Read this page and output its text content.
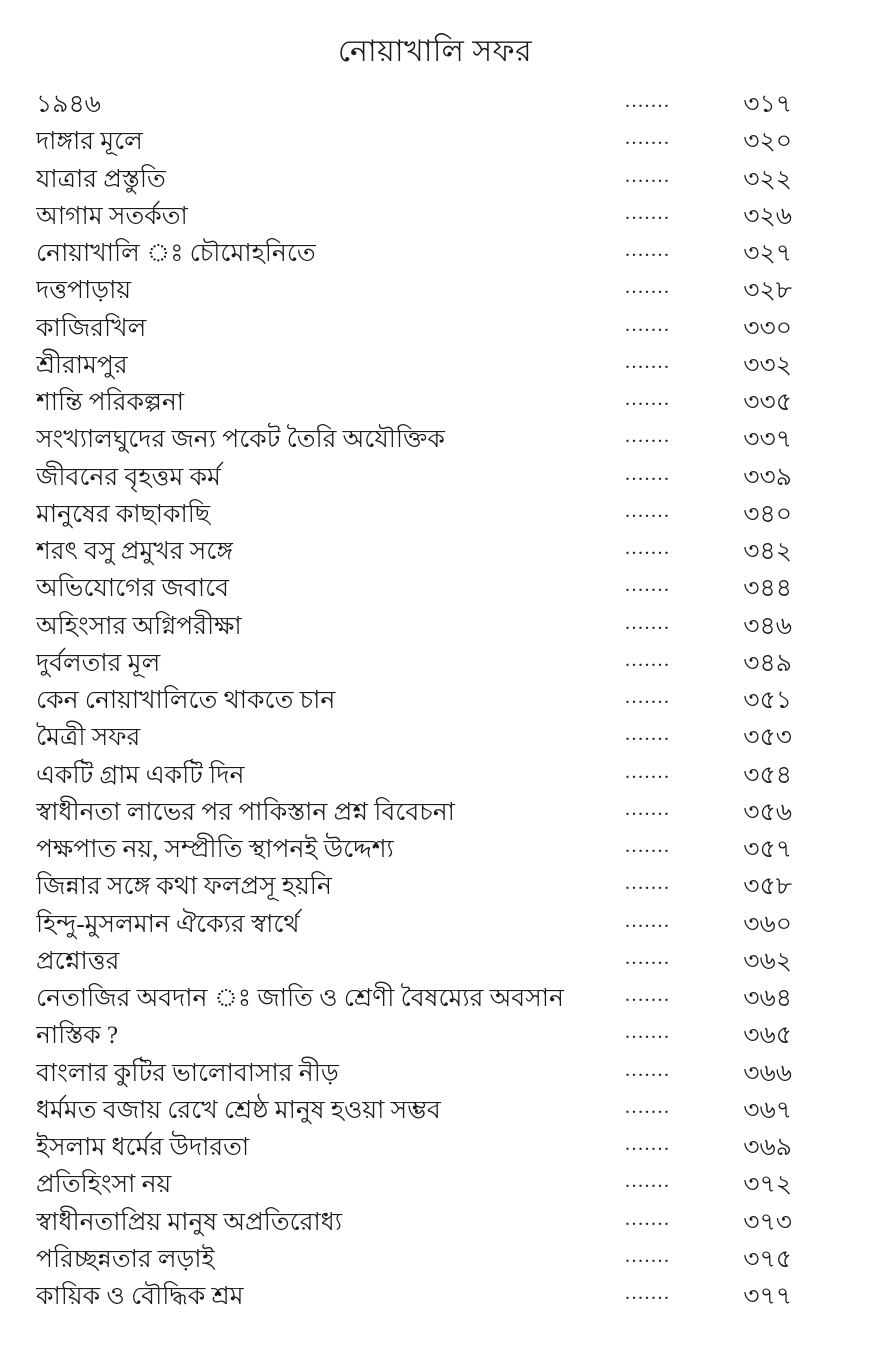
নোয়াখালি সফর
১৯৪৬	.......	৩১৭
দাঙ্গার মূলে	.......	৩২০
যাত্রার প্রস্তুতি	.......	৩২২
আগাম সতর্কতা	.......	৩২৬
নোয়াখালি ঃ চৌমোহনিতে	.......	৩২৭
দত্তপাড়ায়	.......	৩২৮
কাজিরখিল	.......	৩৩০
শ্রীরামপুর	.......	৩৩২
শান্তি পরিকল্পনা	.......	৩৩৫
সংখ্যালঘুদের জন্য পকেট তৈরি অযৌক্তিক	.......	৩৩৭
জীবনের বৃহত্তম কর্ম	.......	৩৩৯
মানুষের কাছাকাছি	.......	৩৪০
শরৎ বসু প্রমুখর সঙ্গে	.......	৩৪২
অভিযোগের জবাবে	.......	৩৪৪
অহিংসার অগ্নিপরীক্ষা	.......	৩৪৬
দুর্বলতার মূল	.......	৩৪৯
কেন নোয়াখালিতে থাকতে চান	.......	৩৫১
মৈত্রী সফর	.......	৩৫৩
একটি গ্রাম একটি দিন	.......	৩৫৪
স্বাধীনতা লাভের পর পাকিস্তান প্রশ্ন বিবেচনা	.......	৩৫৬
পক্ষপাত নয়, সম্প্রীতি স্থাপনই উদ্দেশ্য	.......	৩৫৭
জিন্নার সঙ্গে কথা ফলপ্রসূ হয়নি	.......	৩৫৮
হিন্দু-মুসলমান ঐক্যের স্বার্থে	.......	৩৬০
প্রশ্নোত্তর	.......	৩৬২
নেতাজির অবদান ঃ জাতি ও শ্রেণী বৈষম্যের অবসান	.......	৩৬৪
নাস্তিক ?	.......	৩৬৫
বাংলার কুটির ভালোবাসার নীড়	.......	৩৬৬
ধর্মমত বজায় রেখে শ্রেষ্ঠ মানুষ হওয়া সম্ভব	.......	৩৬৭
ইসলাম ধর্মের উদারতা	.......	৩৬৯
প্রতিহিংসা নয়	.......	৩৭২
স্বাধীনতাপ্রিয় মানুষ অপ্রতিরোধ্য	.......	৩৭৩
পরিচ্ছন্নতার লড়াই	.......	৩৭৫
কায়িক ও বৌদ্ধিক শ্রম	.......	৩৭৭
